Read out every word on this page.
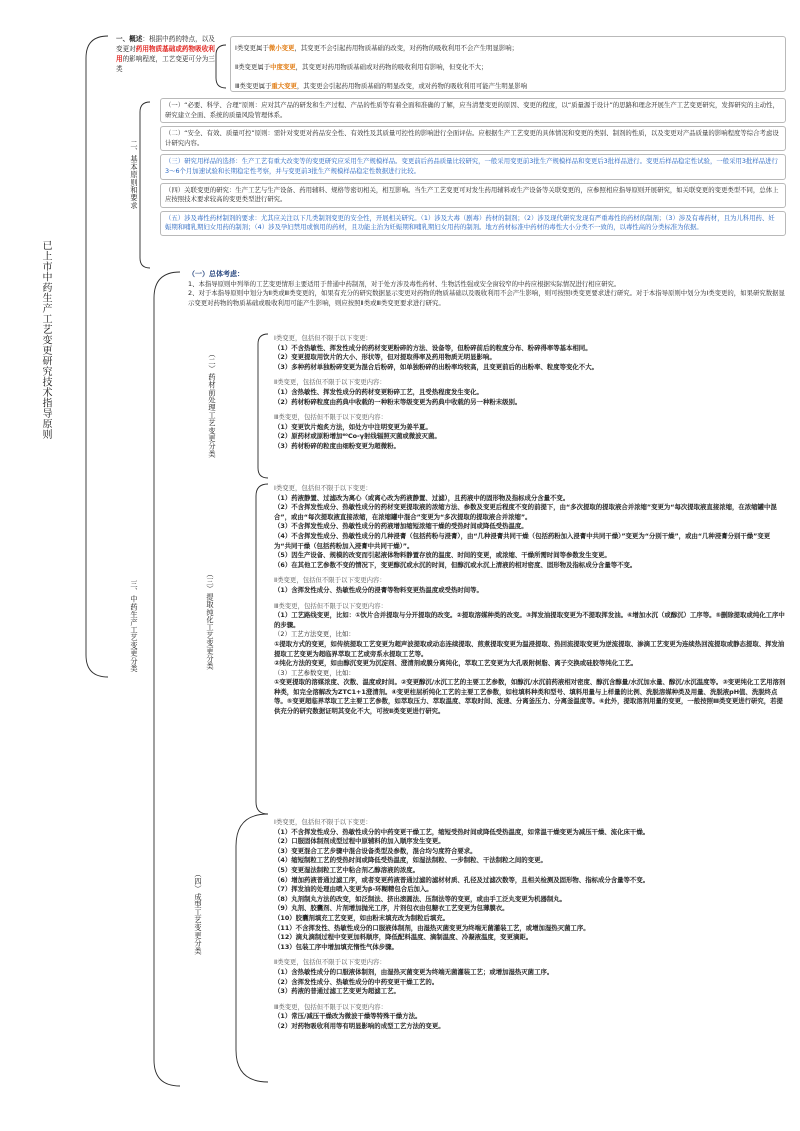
已上市中药生产工艺变更研究技术指导原则
一、概述：根据中药的特点，以及变更对药用物质基础或药物吸收利用的影响程度，工艺变更可分为三类

Ⅰ类变更属于微小变更，其变更不会引起药用物质基础的改变，对药物的吸收利用不会产生明显影响；

Ⅱ类变更属于中度变更，其变更对药用物质基础或对药物的吸收利用有影响，但变化不大；

Ⅲ类变更属于重大变更，其变更会引起药用物质基础的明显改变，或对药物的吸收利用可能产生明显影响

二、基本原则和要求

（一）“必要、科学、合理”原则：应对其产品的研发和生产过程、产品的性质等有着全面和准确的了解，应当清楚变更的原因、变更的程度，以“质量源于设计”的思路和理念开展生产工艺变更研究，发挥研究的主动性，研究建立全面、系统的质量风险管理体系。

（二）“安全、有效、质量可控”原则：需针对变更对药品安全性、有效性及其质量可控性的影响进行全面评估。应根据生产工艺变更的具体情况和变更的类别、制剂的性质，以及变更对产品质量的影响程度等综合考虑设计研究内容。

（三）研究用样品的选择：生产工艺有重大改变等的变更研究应采用生产规模样品。变更前后药品质量比较研究，一般采用变更前3批生产规模样品和变更后3批样品进行。变更后样品稳定性试验，一般采用3批样品进行3～6个月加速试验和长期稳定性考察，并与变更前3批生产规模样品稳定性数据进行比较。

（四）关联变更的研究：生产工艺与生产设备、药用辅料、规格等密切相关，相互影响。当生产工艺变更可对发生药用辅料或生产设备等关联变更的，应参照相应指导原则开展研究，如关联变更的变更类型不同，总体上应按照技术要求较高的变更类型进行研究。

（五）涉及毒性药材制剂的要求：尤其应关注以下几类制剂变更的安全性，开展相关研究。（1）涉及大毒（剧毒）药材的制剂；（2）涉及现代研究发现有严重毒性的药材的制剂；（3）涉及有毒药材，且为儿科用药、妊娠期和哺乳期妇女用药的制剂；（4）涉及孕妇禁用或慎用的药材，且功能主治为妊娠期和哺乳期妇女用药的制剂。地方药材标准中药材的毒性大小分类不一致的，以毒性高的分类标准为依据。

三、中药生产工艺变更分类

（一）总体考虑：

1、本指导原则中列举的工艺变更情形主要适用于普通中药制剂，对于处方涉及毒性药材、生物活性强或安全窗较窄的中药应根据实际情况进行相应研究。

2、对于本指导原则中划分为Ⅱ类或Ⅲ类变更的，如果有充分的研究数据显示变更对药物的物质基础以及吸收利用不会产生影响，则可按照Ⅰ类变更要求进行研究。对于本指导原则中划分为Ⅰ类变更的，如果研究数据显示变更对药物的物质基础或吸收利用可能产生影响，则应按照Ⅱ类或Ⅲ类变更要求进行研究。

（二）药材前处理工艺变更分类

Ⅰ类变更，包括但不限于以下变更：

（1）不含热敏性、挥发性成分的药材变更粉碎的方法、设备等，但粉碎前后的粒度分布、粉碎得率等基本相同。

（2）变更提取用饮片的大小、形状等，但对提取得率及药用物质无明显影响。

（3）多种药材单独粉碎变更为混合后粉碎，如单独粉碎的出粉率均较高，且变更前后的出粉率、粒度等变化不大。

Ⅱ类变更，包括但不限于以下变更内容：

（1）含热敏性、挥发性成分的药材变更粉碎工艺，且受热程度发生变化。

（2）药材粉碎粒度由药典中收载的一种粉末等级变更为药典中收载的另一种粉末级别。

Ⅲ类变更，包括但不限于以下变更内容：

（1）变更饮片炮炙方法，如处方中注明变更为姜半夏。

（2）原药材或原粉增加⁶⁰Co-γ射线辐照灭菌或微波灭菌。

（3）药材粉碎的粒度由细粉变更为超微粉。

（三）提取纯化工艺变更分类

Ⅰ类变更，包括但不限于以下变更：

（1）药液静置、过滤改为离心（或离心改为药液静置、过滤），且药液中的固形物及指标成分含量不变。

（2）不含挥发性成分、热敏性成分的药材变更提取液的浓缩方法、参数及变更后程度不变的前提下，由“多次提取的提取液合并浓缩”变更为“每次提取液直接浓缩，在浓缩罐中混合”，或由“每次提取液直接浓缩，在浓缩罐中混合”变更为“多次提取的提取液合并浓缩”。

（3）不含挥发性成分、热敏性成分的药液增加缩短浓缩干燥的受热时间或降低受热温度。

（4）不含挥发性成分、热敏性成分的几种浸膏（包括药粉与浸膏），由“几种浸膏共同干燥（包括药粉加入浸膏中共同干燥）”变更为“分别干燥”，或由“几种浸膏分别干燥”变更为“共同干燥（包括药粉加入浸膏中共同干燥）”。

（5）因生产设备、规模的改变而引起液体物料静置存放的温度、时间的变更，或浓缩、干燥所需时间等参数发生变更。

（6）在其他工艺参数不变的情况下，变更醇沉或水沉的时间，但醇沉或水沉上清液的相对密度、固形物及指标成分含量等不变。

Ⅱ类变更，包括但不限于以下变更内容：

（1）含挥发性成分、热敏性成分的浸膏等物料变更热温度或受热时间等。

Ⅲ类变更，包括但不限于以下变更内容：

（1）工艺路线变更，比如：①饮片合并提取与分开提取的改变。②提取溶媒种类的改变。③挥发油提取变更为不提取挥发油。④增加水沉（或醇沉）工序等。⑤删除提取或纯化工序中的步骤。

（2）工艺方法变更，比如：

①提取方式的变更，如传统提取工艺变更为超声波提取或动态连续提取、煎煮提取变更为温浸提取、热回流提取变更为逆流提取、渗滴工艺变更为连续热回流提取或静态提取、挥发油提取工艺变更为超临界萃取工艺或旁系水提取工艺等。

②纯化方法的变更，如由醇沉变更为沉淀剂、澄清剂或膜分离纯化，萃取工艺变更为大孔吸附树脂、离子交换或硅胶等纯化工艺。

（3）工艺参数变更，比如：

①变更提取的溶媒浓度、次数、温度或时间。②变更醇沉/水沉工艺的主要工艺参数，如醇沉/水沉前药液相对密度、醇沉含醇量/水沉加水量、醇沉/水沉温度等。③变更纯化工艺用溶剂种类，如完全溶解改为ZTC1+1澄清剂。④变更柱层析纯化工艺的主要工艺参数，如柱填料种类和型号、填料用量与上样量的比例、洗脱溶媒种类及用量、洗脱液pH值、洗脱终点等。⑤变更超临界萃取工艺主要工艺参数，如萃取压力、萃取温度、萃取时间、流速、分离釜压力、分离釜温度等。⑥此外，提取溶剂用量的变更，一般按照Ⅲ类变更进行研究，若提供充分的研究数据证明其变化不大，可按Ⅱ类变更进行研究。

（四）成型工艺变更分类

Ⅰ类变更，包括但不限于以下变更：

（1）不含挥发性成分、热敏性成分的中药变更干燥工艺，缩短受热时间或降低受热温度，如常温干燥变更为减压干燥、流化床干燥。

（2）口服固体制剂成型过程中原辅料的加入顺序发生变更。

（3）变更混合工艺步骤中混合设备类型及参数，混合均匀度符合要求。

（4）缩短制粒工艺的受热时间或降低受热温度，如湿法制粒、一步制粒、干法制粒之间的变更。

（5）变更湿法制粒工艺中粘合剂乙醇溶液的浓度。

（6）增加药液普通过滤工序，或者变更药液普通过滤的滤材材质、孔径及过滤次数等，且相关检测及固形物、指标成分含量等不变。

（7）挥发油的处理由喷入变更为β-环糊精包合后加入。

（8）丸剂制丸方法的改变，如泛制法、挤出滚圆法、压制法等的变更，或由手工泛丸变更为机器制丸。

（9）丸剂、胶囊剂、片剂增加抛光工序，片剂包衣由包糖衣工艺变更为包薄膜衣。

（10）胶囊剂填充工艺变更，如由粉末填充改为制粒后填充。

（11）不含挥发性、热敏性成分的口服液体制剂，由湿热灭菌变更为终端无菌灌装工艺，或增加湿热灭菌工序。

（12）滴丸滴制过程中变更加料顺序，降低配料温度、滴制温度、冷凝液温度，变更滴距。

（13）包装工序中增加填充惰性气体步骤。

Ⅱ类变更，包括但不限于以下变更内容：

（1）含热敏性成分的口服液体制剂，由湿热灭菌变更为终端无菌灌装工艺；或增加湿热灭菌工序。

（2）含挥发性成分、热敏性成分的中药变更干燥工艺的。

（3）药液的普通过滤工艺变更为超滤工艺。

Ⅲ类变更，包括但不限于以下变更内容：

（1）常压/减压干燥改为微波干燥等特殊干燥方法。

（2）对药物吸收利用等有明显影响的成型工艺方法的变更。
